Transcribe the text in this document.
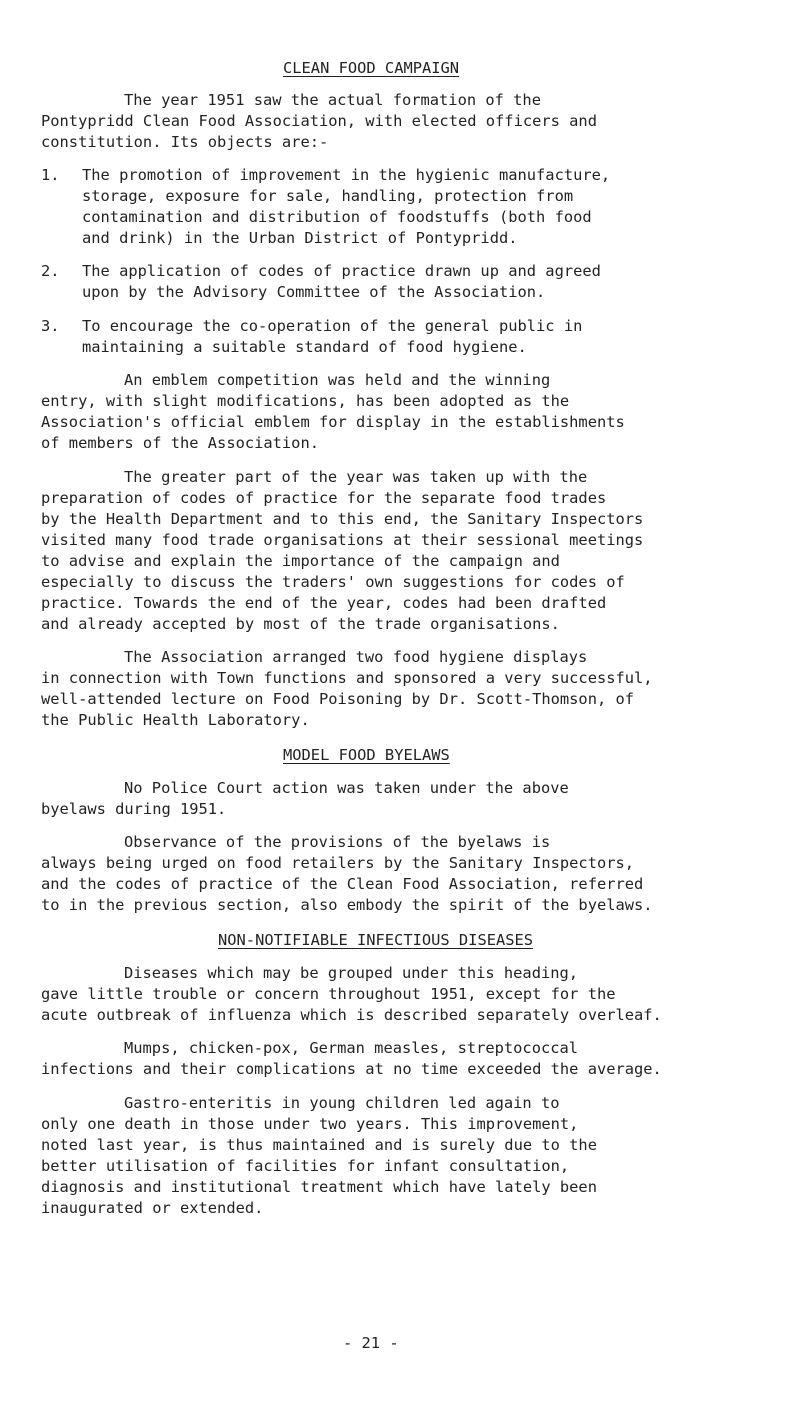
CLEAN FOOD CAMPAIGN
The year 1951 saw the actual formation of the
Pontypridd Clean Food Association, with elected officers and
constitution. Its objects are:-
1. The promotion of improvement in the hygienic manufacture,
storage, exposure for sale, handling, protection from
contamination and distribution of foodstuffs (both food
and drink) in the Urban District of Pontypridd.
2. The application of codes of practice drawn up and agreed
upon by the Advisory Committee of the Association.
3. To encourage the co-operation of the general public in
maintaining a suitable standard of food hygiene.
An emblem competition was held and the winning
entry, with slight modifications, has been adopted as the
Association's official emblem for display in the establishments
of members of the Association.
The greater part of the year was taken up with the
preparation of codes of practice for the separate food trades
by the Health Department and to this end, the Sanitary Inspectors
visited many food trade organisations at their sessional meetings
to advise and explain the importance of the campaign and
especially to discuss the traders' own suggestions for codes of
practice. Towards the end of the year, codes had been drafted
and already accepted by most of the trade organisations.
The Association arranged two food hygiene displays
in connection with Town functions and sponsored a very successful,
well-attended lecture on Food Poisoning by Dr. Scott-Thomson, of
the Public Health Laboratory.
MODEL FOOD BYELAWS
No Police Court action was taken under the above
byelaws during 1951.
Observance of the provisions of the byelaws is
always being urged on food retailers by the Sanitary Inspectors,
and the codes of practice of the Clean Food Association, referred
to in the previous section, also embody the spirit of the byelaws.
NON-NOTIFIABLE INFECTIOUS DISEASES
Diseases which may be grouped under this heading,
gave little trouble or concern throughout 1951, except for the
acute outbreak of influenza which is described separately overleaf.
Mumps, chicken-pox, German measles, streptococcal
infections and their complications at no time exceeded the average.
Gastro-enteritis in young children led again to
only one death in those under two years. This improvement,
noted last year, is thus maintained and is surely due to the
better utilisation of facilities for infant consultation,
diagnosis and institutional treatment which have lately been
inaugurated or extended.
- 21 -
